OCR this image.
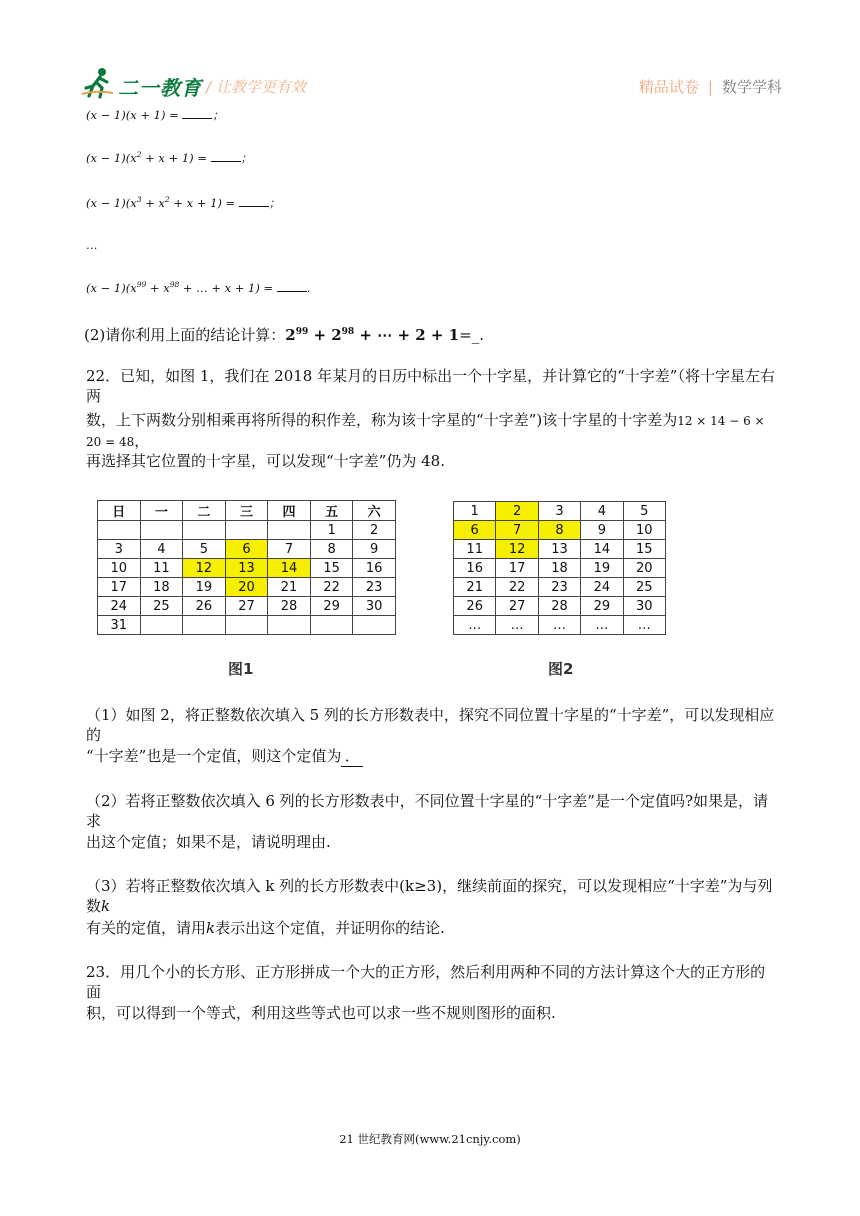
二一教育 / 让教学更有效	精品试卷 | 数学学科
(x − 1)(x + 1) =	；
$(x - 1)(x^2 + x + 1)$ =	；
$(x - 1)(x^3 + x^2 + x + 1)$ =	；
…
$(x - 1)(x^{99} + x^{98}$ + … + x + 1) =	.
(2)请你利用上面的结论计算：$2^{99} + 2^{98}$ + ⋯ + 2 + 1=_.
22．已知，如图 1，我们在 2018 年某月的日历中标出一个十字星，并计算它的“十字差”（将十字星左右两
数，上下两数分别相乘再将所得的积作差，称为该十字星的“十字差”)该十字星的十字差为12 × 14 − 6 × 20 = 48，
再选择其它位置的十字星，可以发现“十字差”仍为 48.
日	一	二	三	四	五	六
					1	2
3	4	5	6	7	8	9
10	11	12	13	14	15	16
17	18	19	20	21	22	23
24	25	26	27	28	29	30
31						
图1
1	2	3	4	5
6	7	8	9	10
11	12	13	14	15
16	17	18	19	20
21	22	23	24	25
26	27	28	29	30
…	…	…	…	…
图2
（1）如图 2，将正整数依次填入 5 列的长方形数表中，探究不同位置十字星的“十字差”，可以发现相应的
“十字差”也是一个定值，则这个定值为 ．
（2）若将正整数依次填入 6 列的长方形数表中，不同位置十字星的“十字差”是一个定值吗?如果是，请求
出这个定值；如果不是，请说明理由.
（3）若将正整数依次填入 k 列的长方形数表中(k≥3)，继续前面的探究，可以发现相应“十字差”为与列数k
有关的定值，请用k表示出这个定值，并证明你的结论.
23．用几个小的长方形、正方形拼成一个大的正方形，然后利用两种不同的方法计算这个大的正方形的面
积，可以得到一个等式，利用这些等式也可以求一些不规则图形的面积.
21 世纪教育网(www.21cnjy.com)
